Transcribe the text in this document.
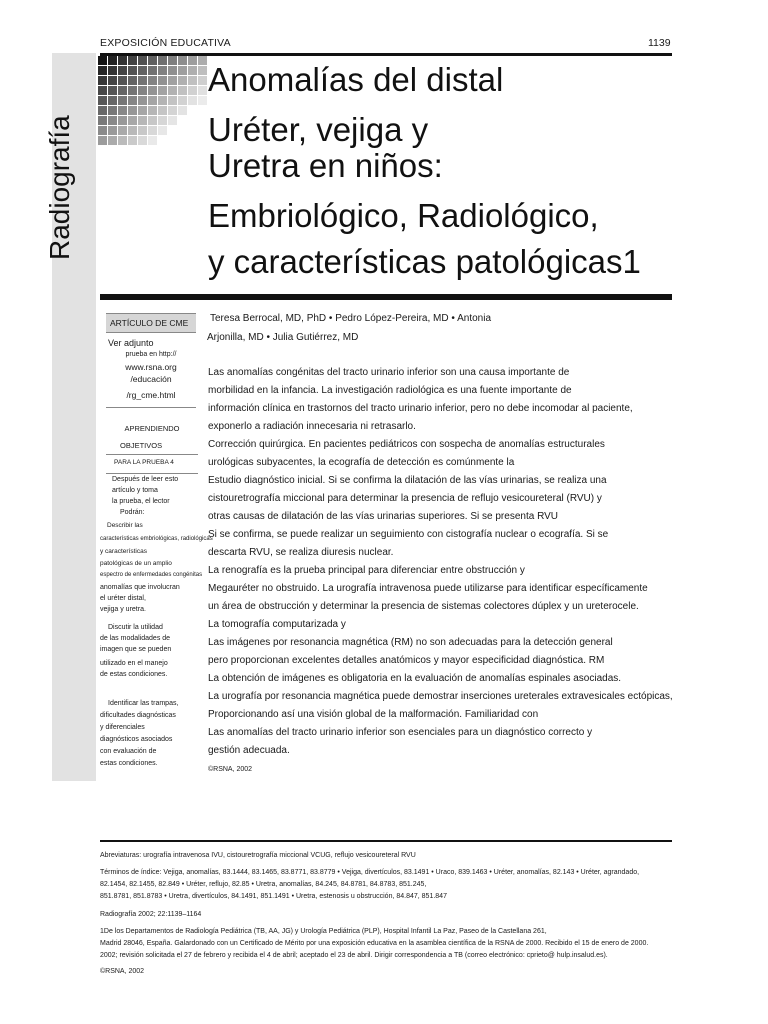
EXPOSICIÓN EDUCATIVA	1139
Radiografía
Anomalías del distal
Uréter, vejiga y
Uretra en niños:
Embriológico, Radiológico,
y características patológicas1
Teresa Berrocal, MD, PhD • Pedro López-Pereira, MD • Antonia
Arjonilla, MD • Julia Gutiérrez, MD
ARTÍCULO DE CME
Ver adjunto
prueba en http://
www.rsna.org
/educación
/rg_cme.html
APRENDIENDO
OBJETIVOS
PARA LA PRUEBA 4
Después de leer esto
artículo y toma
la prueba, el lector
Podrán:
Describir las
características embriológicas, radiológicas
y características
patológicas de un amplio
espectro de enfermedades congénitas
anomalías que involucran
el uréter distal,
vejiga y uretra.
Discutir la utilidad
de las modalidades de
imagen que se pueden
utilizado en el manejo
de estas condiciones.
Identificar las trampas,
dificultades diagnósticas
y diferenciales
diagnósticos asociados
con evaluación de
estas condiciones.
Las anomalías congénitas del tracto urinario inferior son una causa importante de
morbilidad en la infancia. La investigación radiológica es una fuente importante de
información clínica en trastornos del tracto urinario inferior, pero no debe incomodar al paciente,
exponerlo a radiación innecesaria ni retrasarlo.
Corrección quirúrgica. En pacientes pediátricos con sospecha de anomalías estructurales
urológicas subyacentes, la ecografía de detección es comúnmente la
Estudio diagnóstico inicial. Si se confirma la dilatación de las vías urinarias, se realiza una
cistouretrografía miccional para determinar la presencia de reflujo vesicoureteral (RVU) y
otras causas de dilatación de las vías urinarias superiores. Si se presenta RVU
Si se confirma, se puede realizar un seguimiento con cistografía nuclear o ecografía. Si se
descarta RVU, se realiza diuresis nuclear.
La renografía es la prueba principal para diferenciar entre obstrucción y
Megauréter no obstruido. La urografía intravenosa puede utilizarse para identificar específicamente
un área de obstrucción y determinar la presencia de sistemas colectores dúplex y un ureterocele.
La tomografía computarizada y
Las imágenes por resonancia magnética (RM) no son adecuadas para la detección general
pero proporcionan excelentes detalles anatómicos y mayor especificidad diagnóstica. RM
La obtención de imágenes es obligatoria en la evaluación de anomalías espinales asociadas.
La urografía por resonancia magnética puede demostrar inserciones ureterales extravesicales ectópicas,
Proporcionando así una visión global de la malformación. Familiaridad con
Las anomalías del tracto urinario inferior son esenciales para un diagnóstico correcto y
gestión adecuada.
©RSNA, 2002
Abreviaturas: urografía intravenosa IVU, cistouretrografía miccional VCUG, reflujo vesicoureteral RVU
Términos de índice: Vejiga, anomalías, 83.1444, 83.1465, 83.8771, 83.8779 • Vejiga, divertículos, 83.1491 • Uraco, 839.1463 • Uréter, anomalías, 82.143 • Uréter, agrandado,
82.1454, 82.1455, 82.849 • Uréter, reflujo, 82.85 • Uretra, anomalías, 84.245, 84.8781, 84.8783, 851.245,
851.8781, 851.8783 • Uretra, divertículos, 84.1491, 851.1491 • Uretra, estenosis u obstrucción, 84.847, 851.847
Radiografía 2002; 22:1139–1164
1De los Departamentos de Radiología Pediátrica (TB, AA, JG) y Urología Pediátrica (PLP), Hospital Infantil La Paz, Paseo de la Castellana 261,
Madrid 28046, España. Galardonado con un Certificado de Mérito por una exposición educativa en la asamblea científica de la RSNA de 2000. Recibido el 15 de enero de 2000.
2002; revisión solicitada el 27 de febrero y recibida el 4 de abril; aceptado el 23 de abril. Dirigir correspondencia a TB (correo electrónico: cprieto@ hulp.insalud.es).
©RSNA, 2002
